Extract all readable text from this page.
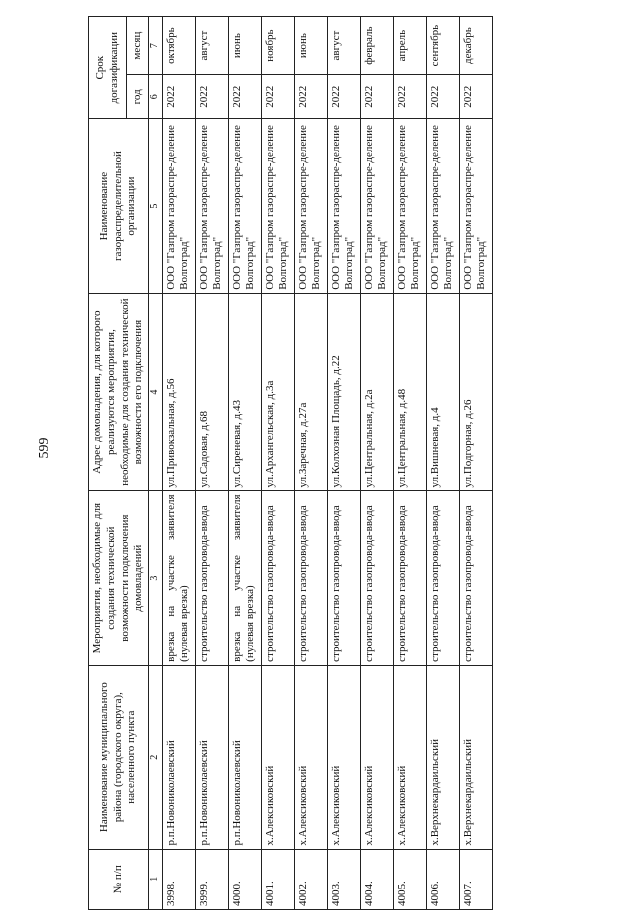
599
№ п/п	Наименование муниципального района (городского округа), населенного пункта	Мероприятия, необходимые для создания технической возможности подключения домовладений	Адрес домовладения, для которого реализуются мероприятия, необходимые для создания технической возможности его подключения	Наименование газораспределительной организации	Срок догазификации	
					год	месяц
1	2	3	4	5	6	7
3998.	р.п.Новониколаевский	врезка на участке заявителя (нулевая врезка)	ул.Привокзальная, д.56	ООО "Газпром газораспре-деление Волгоград"	2022	октябрь
3999.	р.п.Новониколаевский	строительство газопровода-ввода	ул.Садовая, д.68	ООО "Газпром газораспре-деление Волгоград"	2022	август
4000.	р.п.Новониколаевский	врезка на участке заявителя (нулевая врезка)	ул.Сиреневая, д.43	ООО "Газпром газораспре-деление Волгоград"	2022	июнь
4001.	х.Алексиковский	строительство газопровода-ввода	ул.Архангельская, д.3а	ООО "Газпром газораспре-деление Волгоград"	2022	ноябрь
4002.	х.Алексиковский	строительство газопровода-ввода	ул.Заречная, д.27а	ООО "Газпром газораспре-деление Волгоград"	2022	июнь
4003.	х.Алексиковский	строительство газопровода-ввода	ул.Колхозная Площадь, д.22	ООО "Газпром газораспре-деление Волгоград"	2022	август
4004.	х.Алексиковский	строительство газопровода-ввода	ул.Центральная, д.2а	ООО "Газпром газораспре-деление Волгоград"	2022	февраль
4005.	х.Алексиковский	строительство газопровода-ввода	ул.Центральная, д.48	ООО "Газпром газораспре-деление Волгоград"	2022	апрель
4006.	х.Верхнекардаильский	строительство газопровода-ввода	ул.Вишневая, д.4	ООО "Газпром газораспре-деление Волгоград"	2022	сентябрь
4007.	х.Верхнекардаильский	строительство газопровода-ввода	ул.Подгорная, д.26	ООО "Газпром газораспре-деление Волгоград"	2022	декабрь
